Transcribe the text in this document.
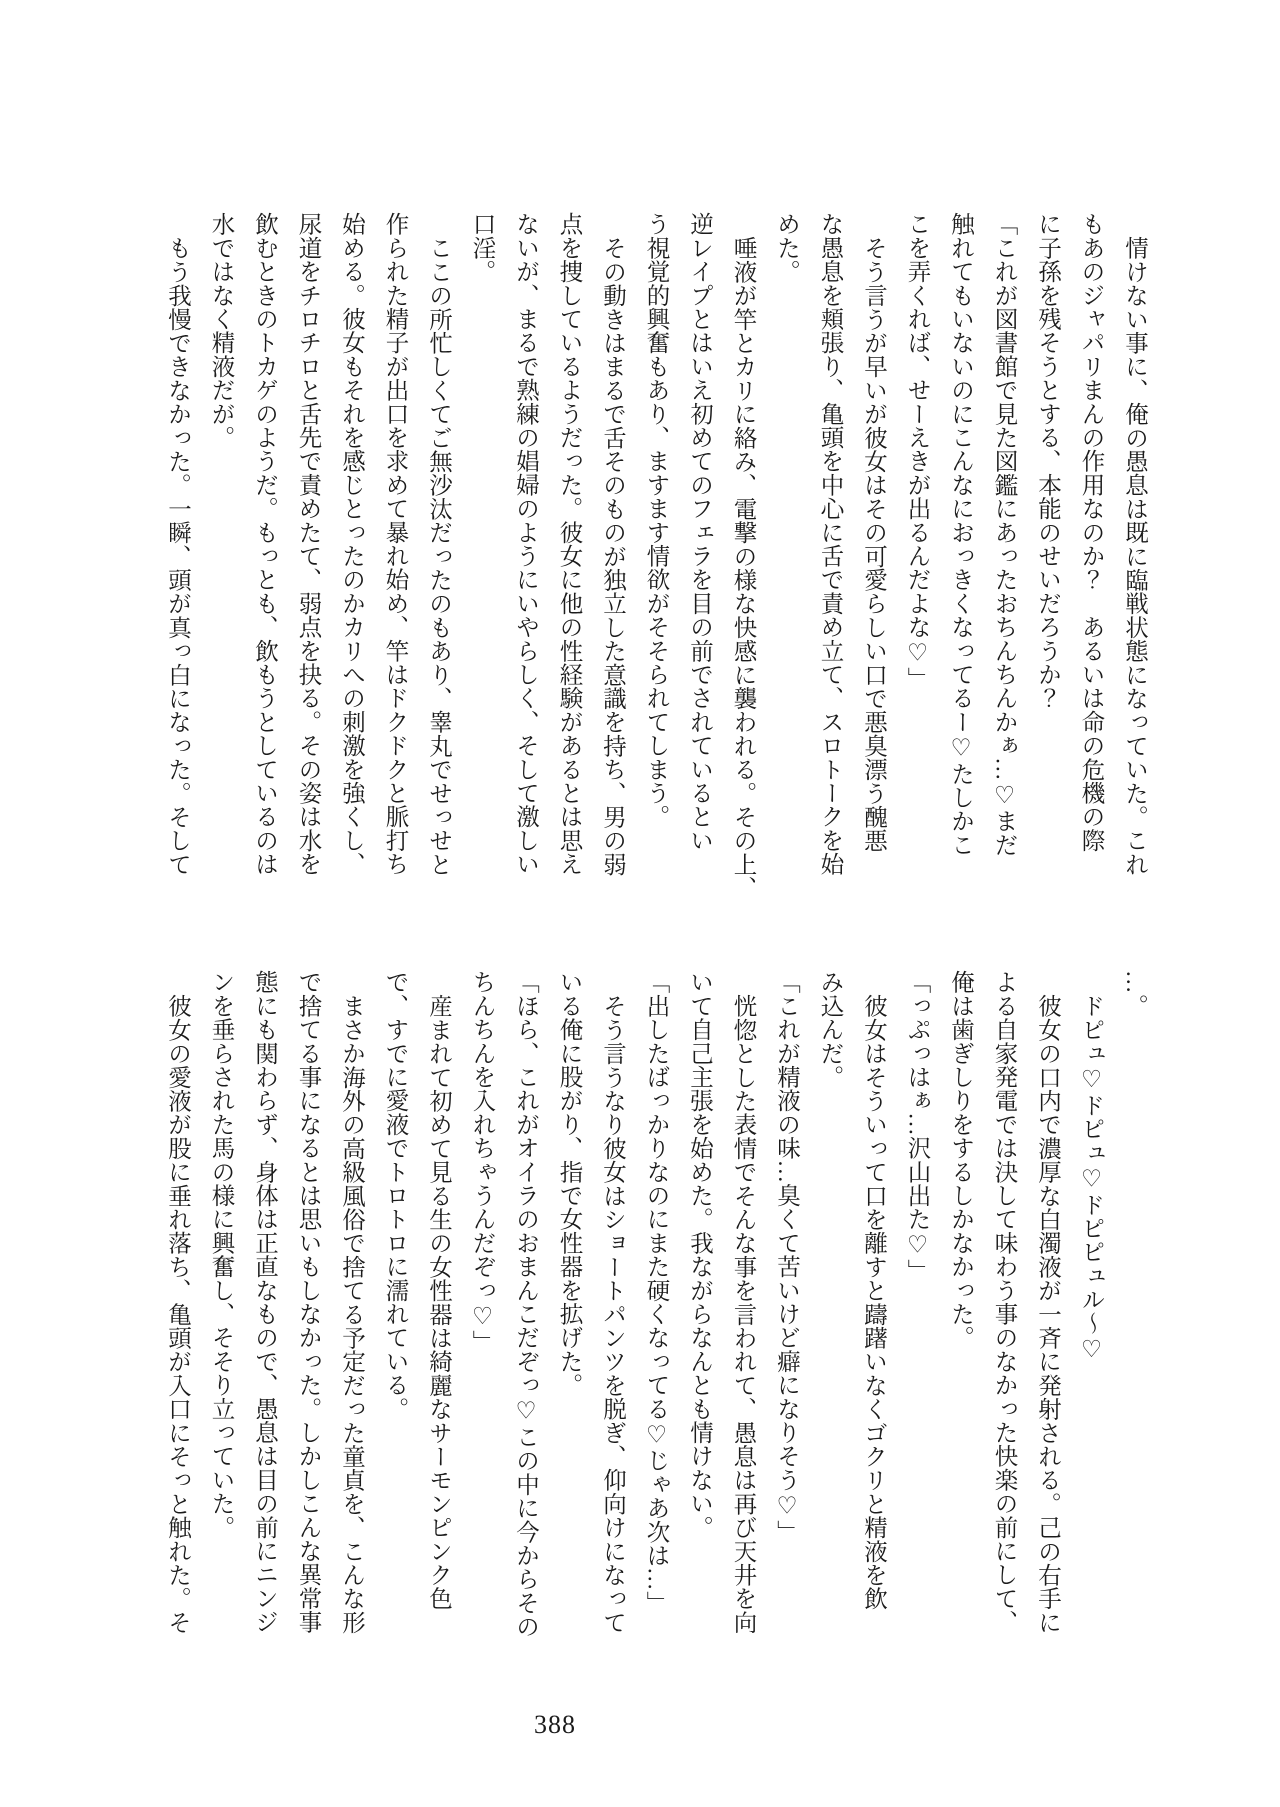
情けない事に、俺の愚息は既に臨戦状態になっていた。これ

もあのジャパリまんの作用なのか？　あるいは命の危機の際

に子孫を残そうとする、本能のせいだろうか？

「これが図書館で見た図鑑にあったおちんちんかぁ…♡まだ

触れてもいないのにこんなにおっきくなってるー♡たしかこ

こを弄くれば、せーえきが出るんだよな♡」

そう言うが早いが彼女はその可愛らしい口で悪臭漂う醜悪

な愚息を頬張り、亀頭を中心に舌で責め立て、スロトークを始

めた。

唾液が竿とカリに絡み、電撃の様な快感に襲われる。その上、

逆レイプとはいえ初めてのフェラを目の前でされているとい

う視覚的興奮もあり、ますます情欲がそそられてしまう。

その動きはまるで舌そのものが独立した意識を持ち、男の弱

点を捜しているようだった。彼女に他の性経験があるとは思え

ないが、まるで熟練の娼婦のようにいやらしく、そして激しい

口淫。

ここの所忙しくてご無沙汰だったのもあり、睾丸でせっせと

作られた精子が出口を求めて暴れ始め、竿はドクドクと脈打ち

始める。彼女もそれを感じとったのかカリへの刺激を強くし、

尿道をチロチロと舌先で責めたて、弱点を抉る。その姿は水を

飲むときのトカゲのようだ。もっとも、飲もうとしているのは

水ではなく精液だが。

もう我慢できなかった。一瞬、頭が真っ白になった。そして

…。

ドピュ♡ドピュ♡ドピピュル～♡

彼女の口内で濃厚な白濁液が一斉に発射される。己の右手に

よる自家発電では決して味わう事のなかった快楽の前にして、

俺は歯ぎしりをするしかなかった。

「っぷっはぁ…沢山出た♡」

彼女はそういって口を離すと躊躇いなくゴクリと精液を飲

み込んだ。

「これが精液の味…臭くて苦いけど癖になりそう♡」

恍惚とした表情でそんな事を言われて、愚息は再び天井を向

いて自己主張を始めた。我ながらなんとも情けない。

「出したばっかりなのにまた硬くなってる♡じゃあ次は…」

そう言うなり彼女はショートパンツを脱ぎ、仰向けになって

いる俺に股がり、指で女性器を拡げた。

「ほら、これがオイラのおまんこだぞっ♡この中に今からその

ちんちんを入れちゃうんだぞっ♡」

産まれて初めて見る生の女性器は綺麗なサーモンピンク色

で、すでに愛液でトロトロに濡れている。

まさか海外の高級風俗で捨てる予定だった童貞を、こんな形

で捨てる事になるとは思いもしなかった。しかしこんな異常事

態にも関わらず、身体は正直なもので、愚息は目の前にニンジ

ンを垂らされた馬の様に興奮し、そそり立っていた。

彼女の愛液が股に垂れ落ち、亀頭が入口にそっと触れた。そ

388
